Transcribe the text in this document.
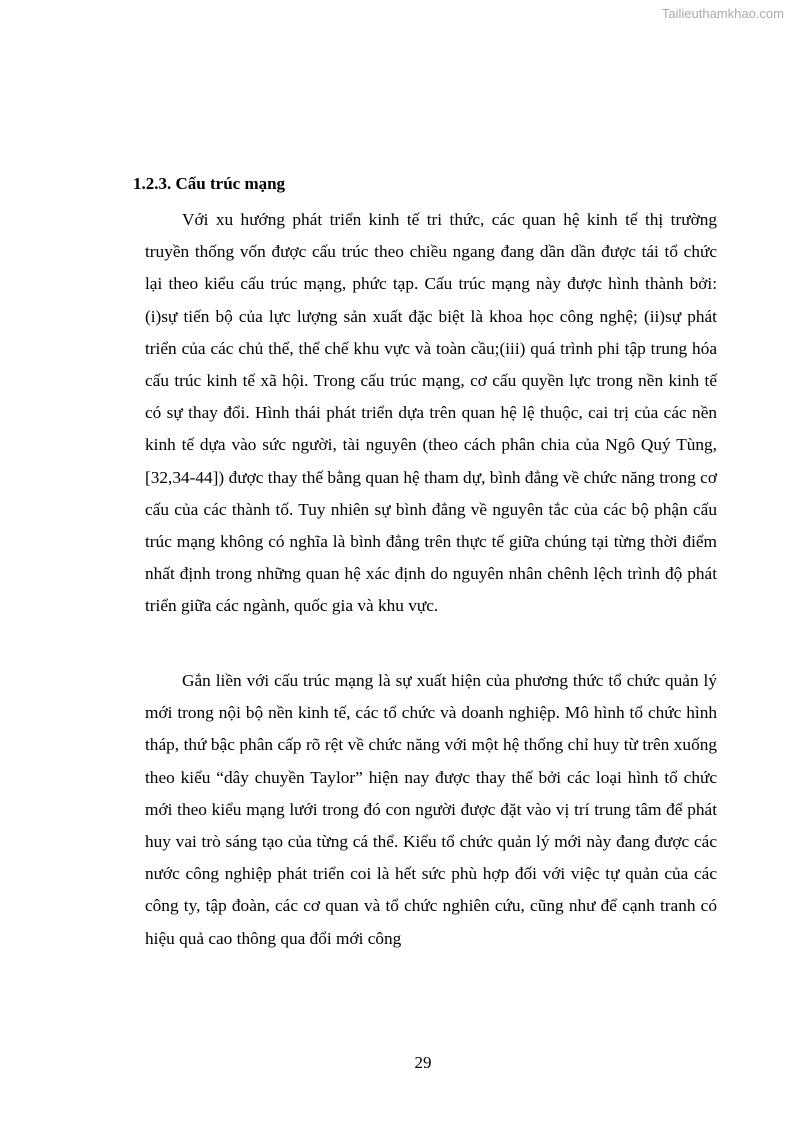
Tailieuthamkhao.com
1.2.3. Cấu trúc mạng

Với xu hướng phát triển kinh tế tri thức, các quan hệ kinh tế thị trường truyền thống vốn được cấu trúc theo chiều ngang đang dần dần được tái tổ chức lại theo kiểu cấu trúc mạng, phức tạp. Cấu trúc mạng này được hình thành bởi: (i)sự tiến bộ của lực lượng sản xuất đặc biệt là khoa học công nghệ; (ii)sự phát triển của các chủ thể, thể chế khu vực và toàn cầu;(iii) quá trình phi tập trung hóa cấu trúc kinh tế xã hội. Trong cấu trúc mạng, cơ cấu quyền lực trong nền kinh tế có sự thay đổi. Hình thái phát triển dựa trên quan hệ lệ thuộc, cai trị của các nền kinh tế dựa vào sức người, tài nguyên (theo cách phân chia của Ngô Quý Tùng, [32,34-44]) được thay thế bằng quan hệ tham dự, bình đẳng về chức năng trong cơ cấu của các thành tố. Tuy nhiên sự bình đẳng về nguyên tắc của các bộ phận cấu trúc mạng không có nghĩa là bình đẳng trên thực tế giữa chúng tại từng thời điểm nhất định trong những quan hệ xác định do nguyên nhân chênh lệch trình độ phát triển giữa các ngành, quốc gia và khu vực.

Gắn liền với cấu trúc mạng là sự xuất hiện của phương thức tổ chức quản lý mới trong nội bộ nền kinh tế, các tổ chức và doanh nghiệp. Mô hình tổ chức hình tháp, thứ bậc phân cấp rõ rệt về chức năng với một hệ thống chỉ huy từ trên xuống theo kiểu “dây chuyền Taylor” hiện nay được thay thế bởi các loại hình tổ chức mới theo kiểu mạng lưới trong đó con người được đặt vào vị trí trung tâm để phát huy vai trò sáng tạo của từng cá thể. Kiểu tổ chức quản lý mới này đang được các nước công nghiệp phát triển coi là hết sức phù hợp đối với việc tự quản của các công ty, tập đoàn, các cơ quan và tổ chức nghiên cứu, cũng như để cạnh tranh có hiệu quả cao thông qua đổi mới công

29
